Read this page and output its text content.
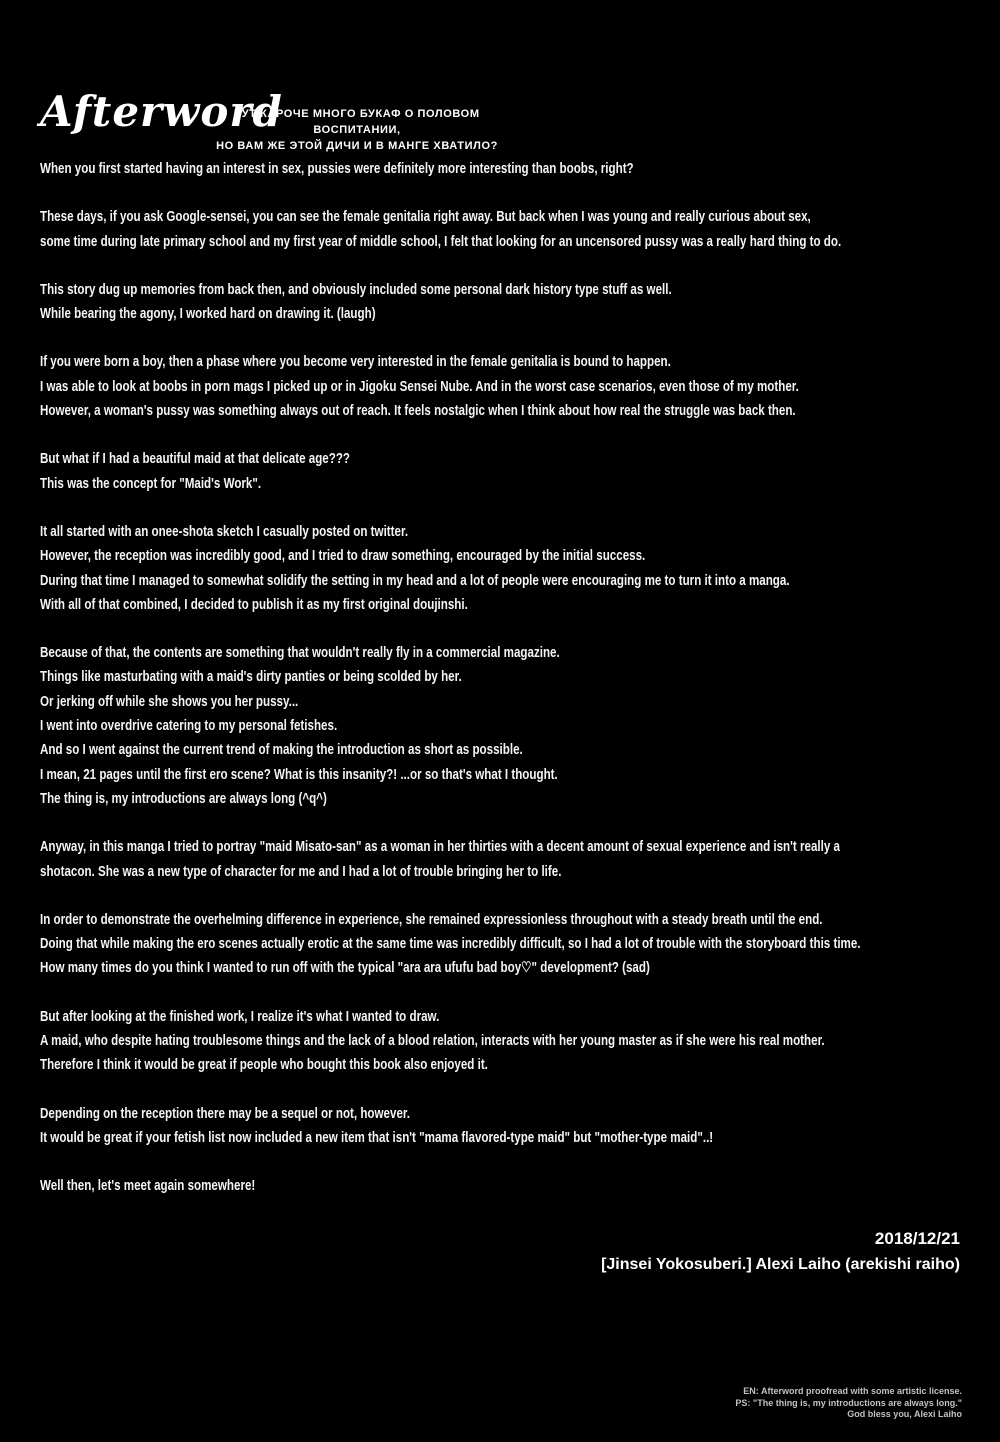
Afterword
ТУТ КАРОЧЕ МНОГО БУКАФ О ПОЛОВОМ ВОСПИТАНИИ,
НО ВАМ ЖЕ ЭТОЙ ДИЧИ И В МАНГЕ ХВАТИЛО?
When you first started having an interest in sex, pussies were definitely more interesting than boobs, right?
These days, if you ask Google-sensei, you can see the female genitalia right away. But back when I was young and really curious about sex,
some time during late primary school and my first year of middle school, I felt that looking for an uncensored pussy was a really hard thing to do.
This story dug up memories from back then, and obviously included some personal dark history type stuff as well.
While bearing the agony, I worked hard on drawing it. (laugh)
If you were born a boy, then a phase where you become very interested in the female genitalia is bound to happen.
I was able to look at boobs in porn mags I picked up or in Jigoku Sensei Nube. And in the worst case scenarios, even those of my mother.
However, a woman's pussy was something always out of reach. It feels nostalgic when I think about how real the struggle was back then.
But what if I had a beautiful maid at that delicate age???
This was the concept for "Maid's Work".
It all started with an onee-shota sketch I casually posted on twitter.
However, the reception was incredibly good, and I tried to draw something, encouraged by the initial success.
During that time I managed to somewhat solidify the setting in my head and a lot of people were encouraging me to turn it into a manga.
With all of that combined, I decided to publish it as my first original doujinshi.
Because of that, the contents are something that wouldn't really fly in a commercial magazine.
Things like masturbating with a maid's dirty panties or being scolded by her.
Or jerking off while she shows you her pussy...
I went into overdrive catering to my personal fetishes.
And so I went against the current trend of making the introduction as short as possible.
I mean, 21 pages until the first ero scene? What is this insanity?! ...or so that's what I thought.
The thing is, my introductions are always long (^q^)
Anyway, in this manga I tried to portray "maid Misato-san" as a woman in her thirties with a decent amount of sexual experience and isn't really a
shotacon. She was a new type of character for me and I had a lot of trouble bringing her to life.
In order to demonstrate the overhelming difference in experience, she remained expressionless throughout with a steady breath until the end.
Doing that while making the ero scenes actually erotic at the same time was incredibly difficult, so I had a lot of trouble with the storyboard this time.
How many times do you think I wanted to run off with the typical "ara ara ufufu bad boy♡" development? (sad)
But after looking at the finished work, I realize it's what I wanted to draw.
A maid, who despite hating troublesome things and the lack of a blood relation, interacts with her young master as if she were his real mother.
Therefore I think it would be great if people who bought this book also enjoyed it.
Depending on the reception there may be a sequel or not, however.
It would be great if your fetish list now included a new item that isn't "mama flavored-type maid" but "mother-type maid"..!
Well then, let's meet again somewhere!
2018/12/21
[Jinsei Yokosuberi.] Alexi Laiho (arekishi raiho)
EN: Afterword proofread with some artistic license.
PS: "The thing is, my introductions are always long."
God bless you, Alexi Laiho
